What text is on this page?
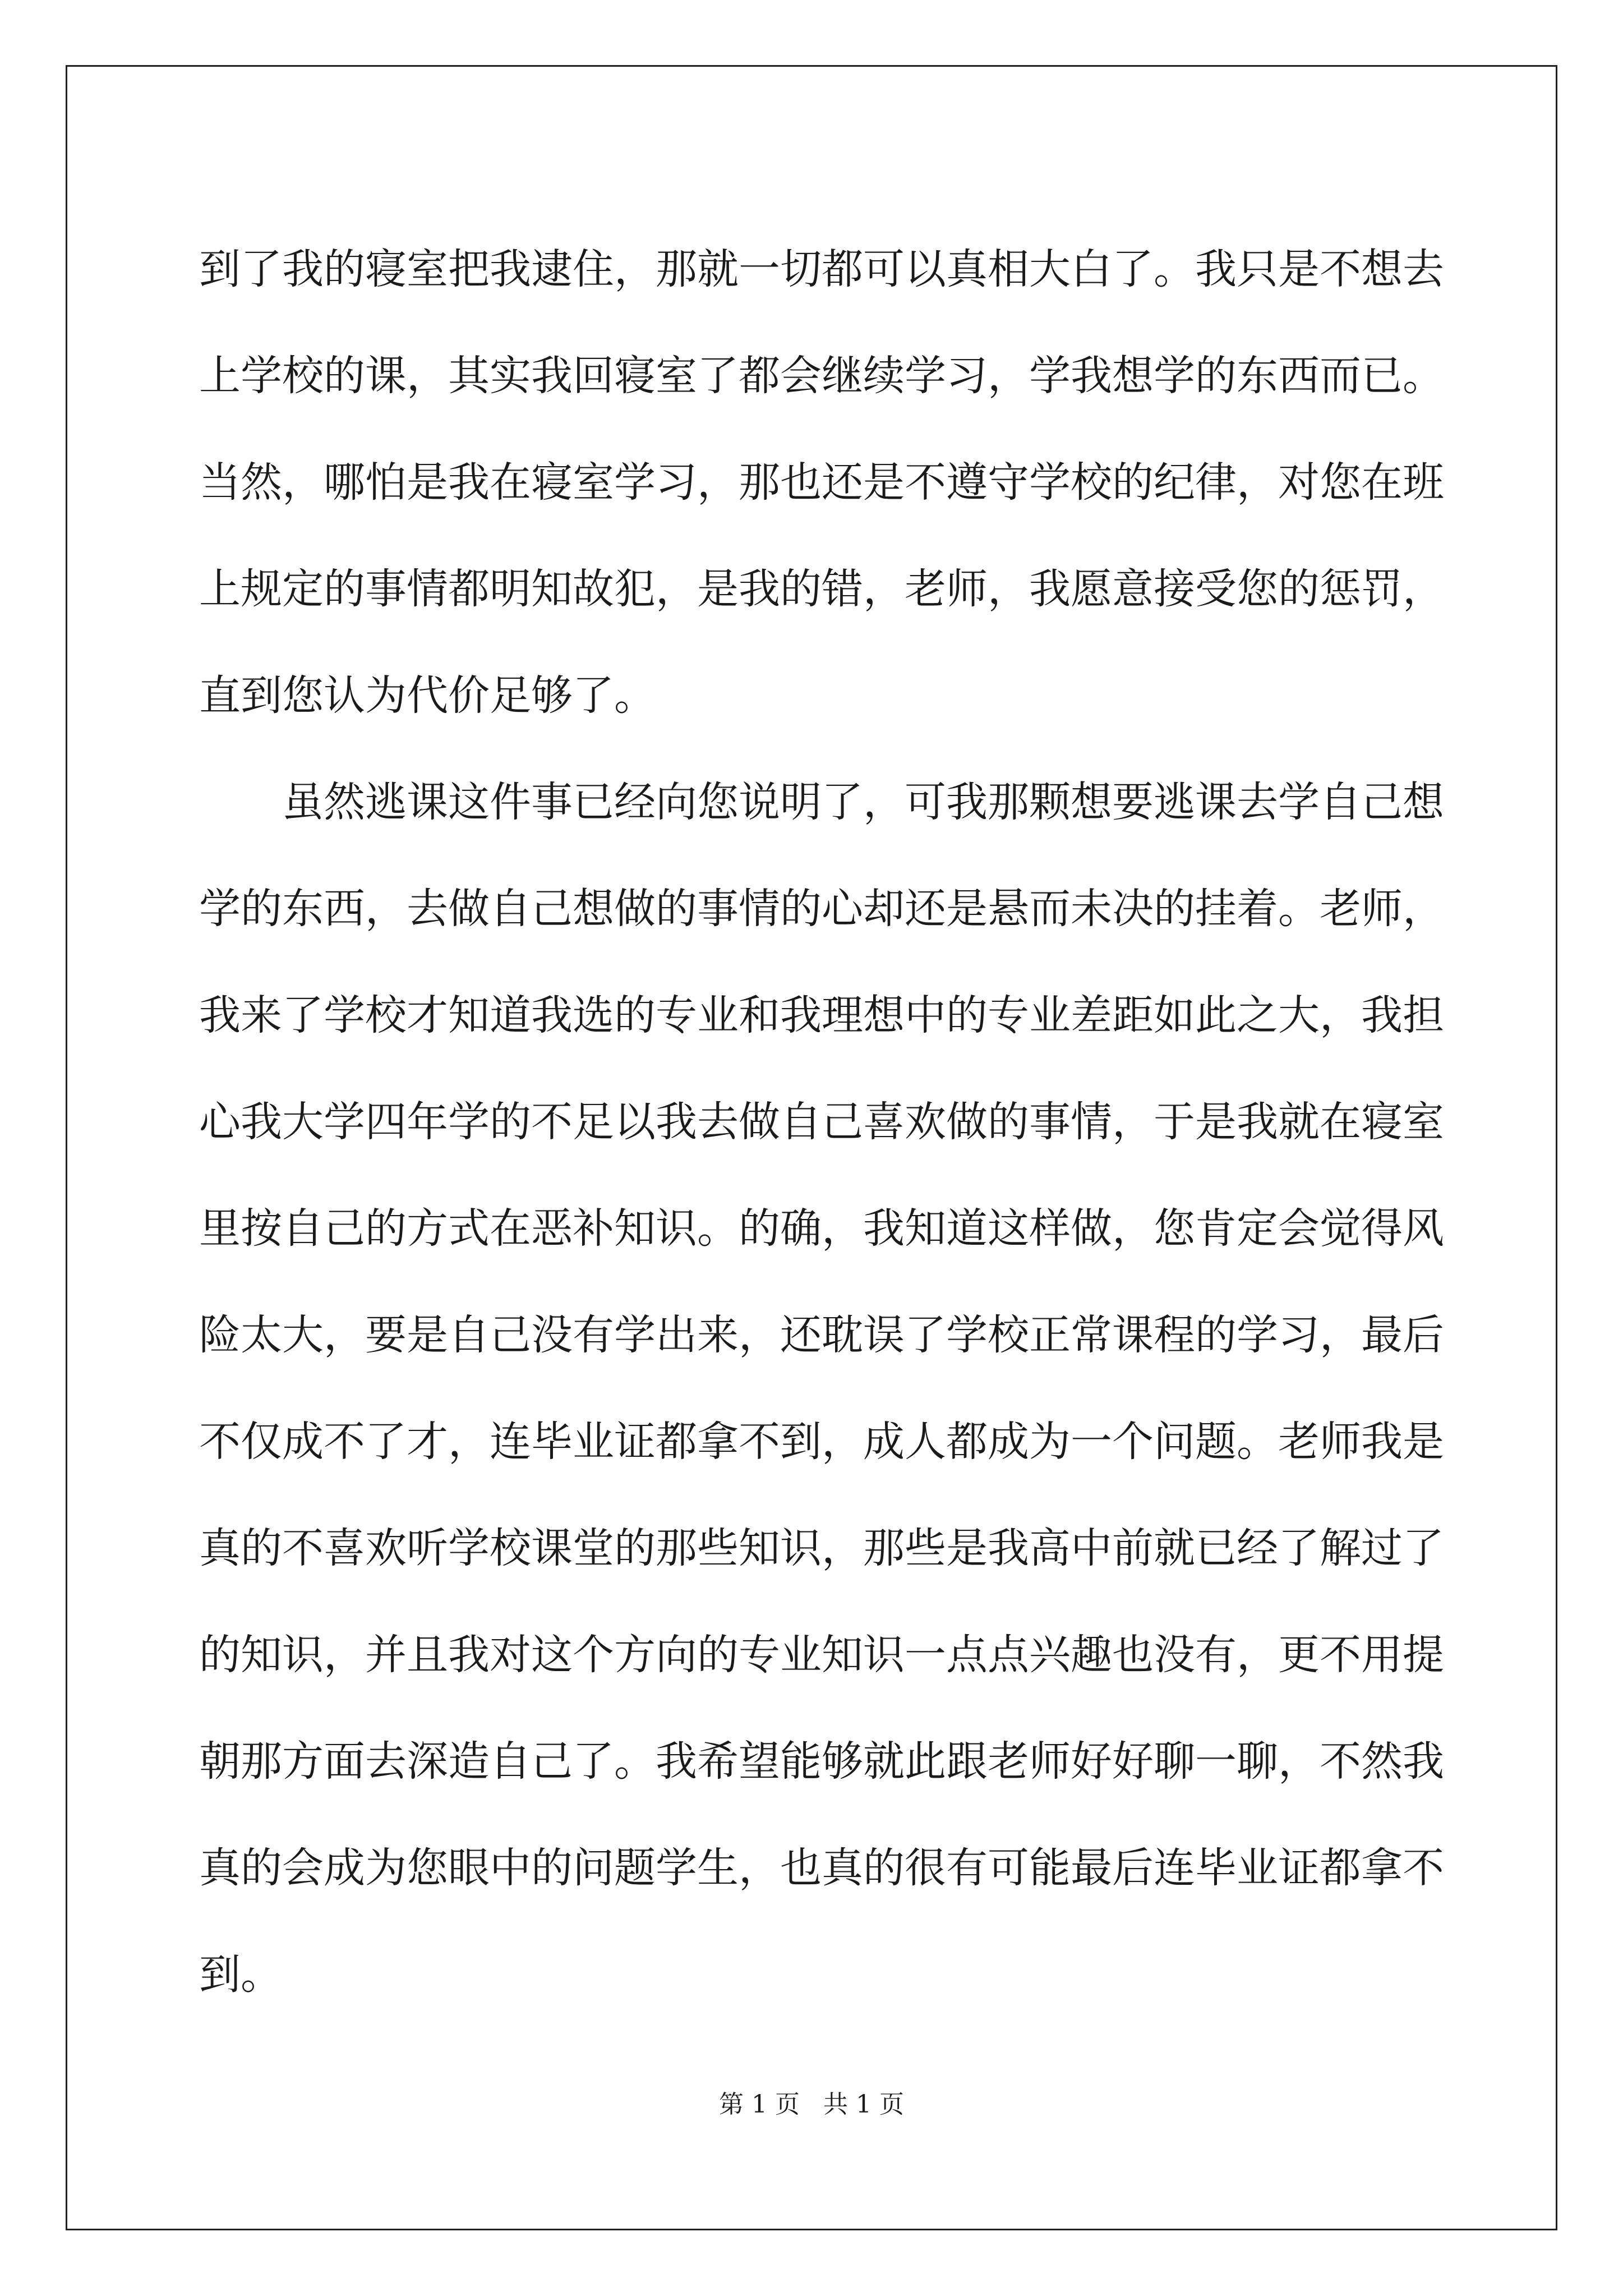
到了我的寝室把我逮住，那就一切都可以真相大白了。我只是不想去
上学校的课，其实我回寝室了都会继续学习，学我想学的东西而已。
当然，哪怕是我在寝室学习，那也还是不遵守学校的纪律，对您在班
上规定的事情都明知故犯，是我的错，老师，我愿意接受您的惩罚，
直到您认为代价足够了。
　　虽然逃课这件事已经向您说明了，可我那颗想要逃课去学自己想
学的东西，去做自己想做的事情的心却还是悬而未决的挂着。老师，
我来了学校才知道我选的专业和我理想中的专业差距如此之大，我担
心我大学四年学的不足以我去做自己喜欢做的事情，于是我就在寝室
里按自己的方式在恶补知识。的确，我知道这样做，您肯定会觉得风
险太大，要是自己没有学出来，还耽误了学校正常课程的学习，最后
不仅成不了才，连毕业证都拿不到，成人都成为一个问题。老师我是
真的不喜欢听学校课堂的那些知识，那些是我高中前就已经了解过了
的知识，并且我对这个方向的专业知识一点点兴趣也没有，更不用提
朝那方面去深造自己了。我希望能够就此跟老师好好聊一聊，不然我
真的会成为您眼中的问题学生，也真的很有可能最后连毕业证都拿不
到。
第 1 页   共 1 页
